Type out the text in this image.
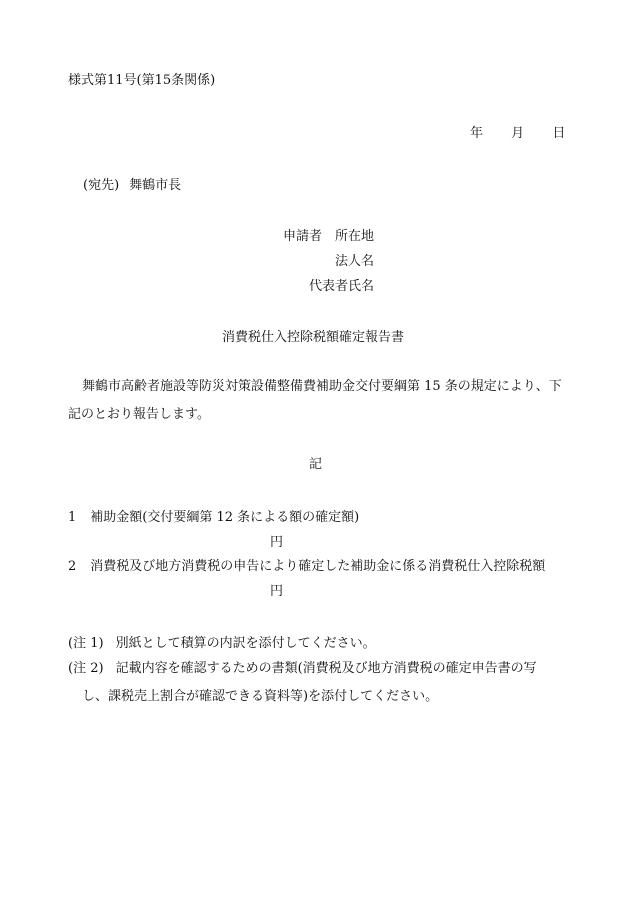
様式第11号(第15条関係)
年 月 日
(宛先) 舞鶴市長
申請者 所在地
法人名
代表者氏名
消費税仕入控除税額確定報告書
舞鶴市高齢者施設等防災対策設備整備費補助金交付要綱第 15 条の規定により、下
記のとおり報告します。
記
1 補助金額(交付要綱第 12 条による額の確定額)
円
2 消費税及び地方消費税の申告により確定した補助金に係る消費税仕入控除税額
円
(注 1) 別紙として積算の内訳を添付してください。
(注 2) 記載内容を確認するための書類(消費税及び地方消費税の確定申告書の写
し、課税売上割合が確認できる資料等)を添付してください。
